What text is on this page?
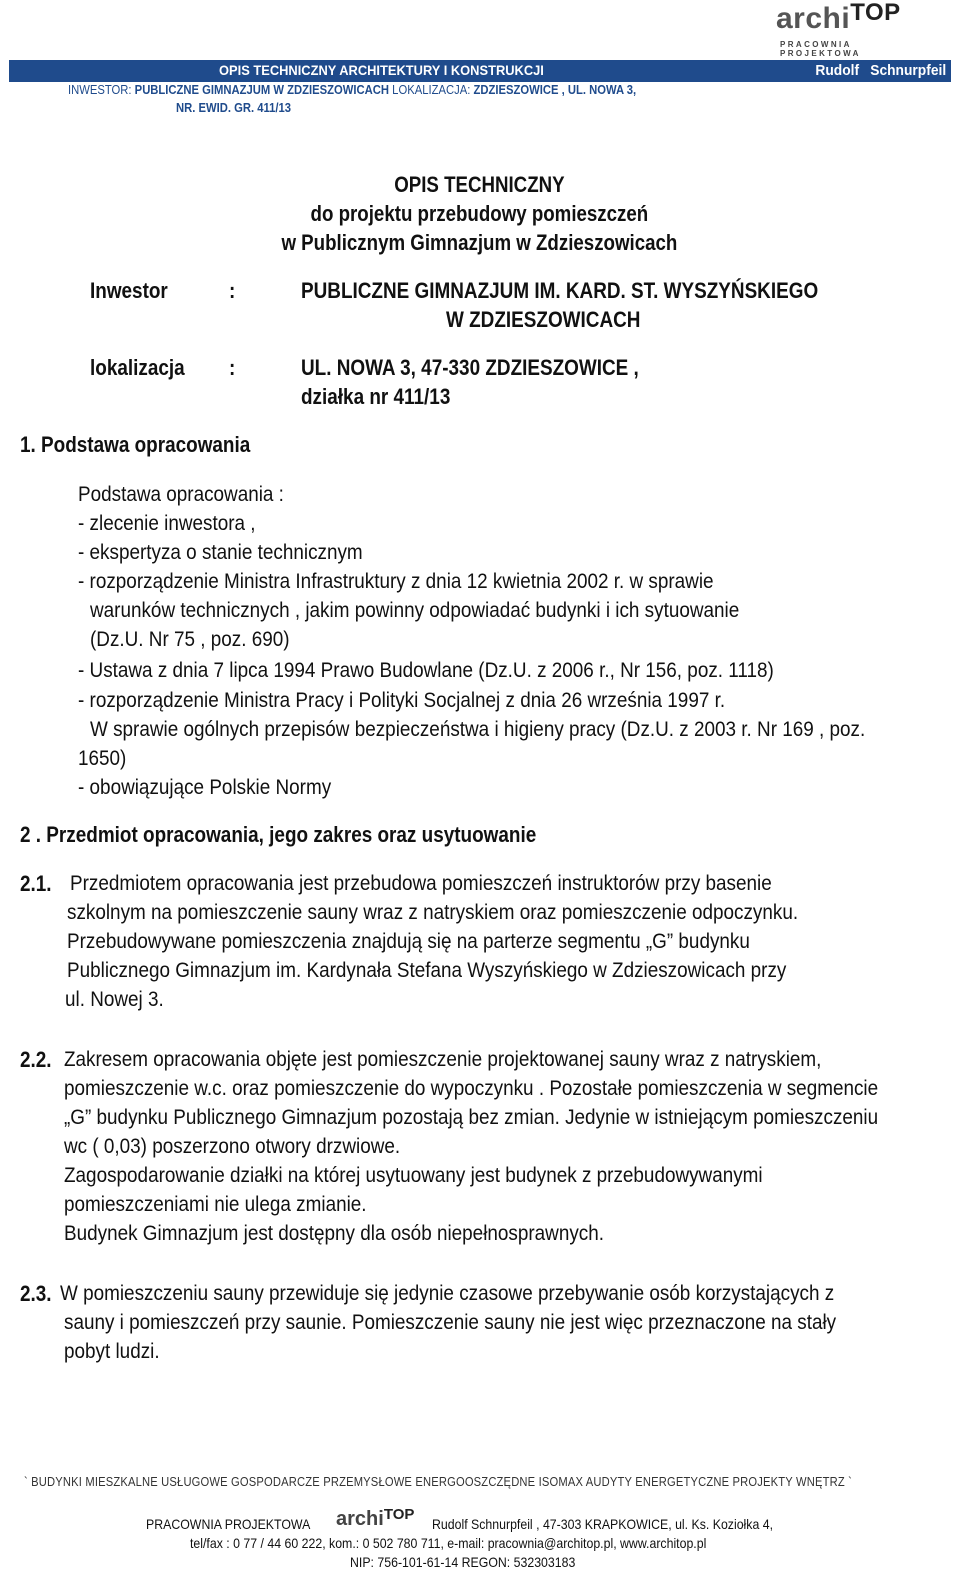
archi$^{TOP}$
PRACOWNIA PROJEKTOWA
OPIS TECHNICZNY ARCHITEKTURY I KONSTRUKCJI	Rudolf Schnurpfeil
INWESTOR: PUBLICZNE GIMNAZJUM W ZDZIESZOWICACH LOKALIZACJA: ZDZIESZOWICE , UL. NOWA 3,
NR. EWID. GR. 411/13
OPIS TECHNICZNY
do projektu przebudowy pomieszczeń
w Publicznym Gimnazjum w Zdzieszowicach
Inwestor	:	PUBLICZNE GIMNAZJUM IM. KARD. ST. WYSZYŃSKIEGO
W ZDZIESZOWICACH
lokalizacja :	UL. NOWA 3, 47-330 ZDZIESZOWICE ,
działka nr 411/13
1. Podstawa opracowania
Podstawa opracowania :
- zlecenie inwestora ,
- ekspertyza o stanie technicznym
- rozporządzenie Ministra Infrastruktury z dnia 12 kwietnia 2002 r. w sprawie
warunków technicznych , jakim powinny odpowiadać budynki i ich sytuowanie
(Dz.U. Nr 75 , poz. 690)
- Ustawa z dnia 7 lipca 1994 Prawo Budowlane (Dz.U. z 2006 r., Nr 156, poz. 1118)
- rozporządzenie Ministra Pracy i Polityki Socjalnej z dnia 26 września 1997 r.
W sprawie ogólnych przepisów bezpieczeństwa i higieny pracy (Dz.U. z 2003 r. Nr 169 , poz.
1650)
- obowiązujące Polskie Normy
2 . Przedmiot opracowania, jego zakres oraz usytuowanie
2.1. Przedmiotem opracowania jest przebudowa pomieszczeń instruktorów przy basenie
szkolnym na pomieszczenie sauny wraz z natryskiem oraz pomieszczenie odpoczynku.
Przebudowywane pomieszczenia znajdują się na parterze segmentu „G” budynku
Publicznego Gimnazjum im. Kardynała Stefana Wyszyńskiego w Zdzieszowicach przy
ul. Nowej 3.
2.2. Zakresem opracowania objęte jest pomieszczenie projektowanej sauny wraz z natryskiem,
pomieszczenie w.c. oraz pomieszczenie do wypoczynku . Pozostałe pomieszczenia w segmencie
„G” budynku Publicznego Gimnazjum pozostają bez zmian. Jedynie w istniejącym pomieszczeniu
wc ( 0,03) poszerzono otwory drzwiowe.
Zagospodarowanie działki na której usytuowany jest budynek z przebudowywanymi
pomieszczeniami nie ulega zmianie.
Budynek Gimnazjum jest dostępny dla osób niepełnosprawnych.
2.3. W pomieszczeniu sauny przewiduje się jedynie czasowe przebywanie osób korzystających z
sauny i pomieszczeń przy saunie. Pomieszczenie sauny nie jest więc przeznaczone na stały
pobyt ludzi.
` BUDYNKI MIESZKALNE USŁUGOWE GOSPODARCZE PRZEMYSŁOWE ENERGOOSZCZĘDNE ISOMAX AUDYTY ENERGETYCZNE PROJEKTY WNĘTRZ `
PRACOWNIA PROJEKTOWA archi$^{TOP}$
Rudolf Schnurpfeil , 47-303 KRAPKOWICE, ul. Ks. Koziołka 4,
tel/fax : 0 77 / 44 60 222, kom.: 0 502 780 711, e-mail: pracownia@architop.pl, www.architop.pl
NIP: 756-101-61-14 REGON: 532303183
